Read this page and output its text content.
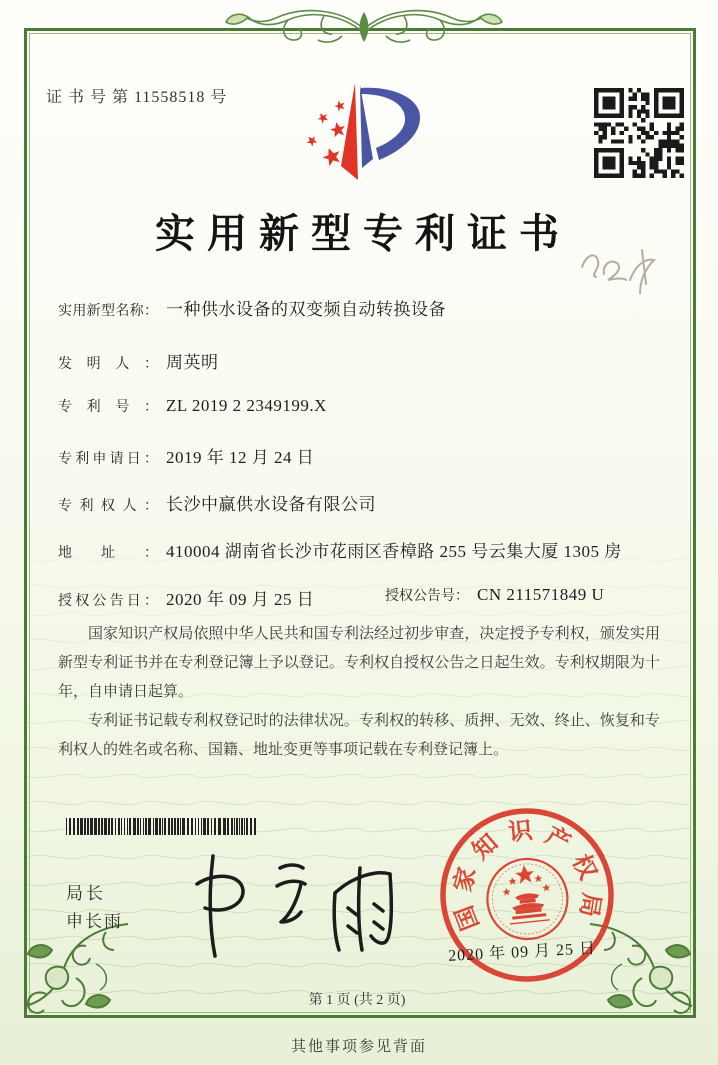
证 书 号 第 11558518 号
实用新型专利证书
实用新型名称： 一种供水设备的双变频自动转换设备
发明人： 周英明
专利号： ZL 2019 2 2349199.X
专利申请日： 2019 年 12 月 24 日
专利权人： 长沙中赢供水设备有限公司
地址： 410004 湖南省长沙市花雨区香樟路 255 号云集大厦 1305 房
授权公告日： 2020 年 09 月 25 日	授权公告号： CN 211571849 U

国家知识产权局依照中华人民共和国专利法经过初步审查，决定授予专利权，颁发实用新型专利证书并在专利登记簿上予以登记。专利权自授权公告之日起生效。专利权期限为十年，自申请日起算。

专利证书记载专利权登记时的法律状况。专利权的转移、质押、无效、终止、恢复和专利权人的姓名或名称、国籍、地址变更等事项记载在专利登记簿上。

局长
申长雨	国
家
知 识 产
权
局
2020 年 09 月 25 日
第 1 页 (共 2 页)
其他事项参见背面
